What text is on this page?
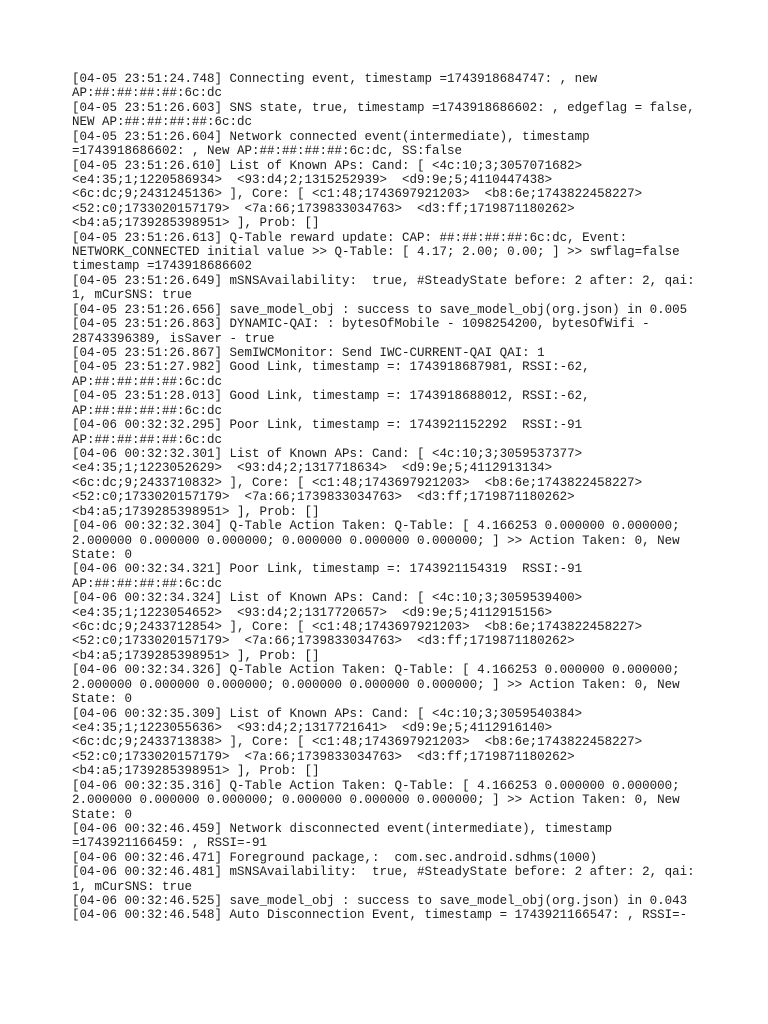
[04-05 23:51:24.748] Connecting event, timestamp =1743918684747: , new
AP:##:##:##:##:6c:dc
[04-05 23:51:26.603] SNS state, true, timestamp =1743918686602: , edgeflag = false,
NEW AP:##:##:##:##:6c:dc
[04-05 23:51:26.604] Network connected event(intermediate), timestamp
=1743918686602: , New AP:##:##:##:##:6c:dc, SS:false
[04-05 23:51:26.610] List of Known APs: Cand: [ <4c:10;3;3057071682>
<e4:35;1;1220586934>  <93:d4;2;1315252939>  <d9:9e;5;4110447438>
<6c:dc;9;2431245136> ], Core: [ <c1:48;1743697921203>  <b8:6e;1743822458227>
<52:c0;1733020157179>  <7a:66;1739833034763>  <d3:ff;1719871180262>
<b4:a5;1739285398951> ], Prob: []
[04-05 23:51:26.613] Q-Table reward update: CAP: ##:##:##:##:6c:dc, Event:
NETWORK_CONNECTED initial value >> Q-Table: [ 4.17; 2.00; 0.00; ] >> swflag=false
timestamp =1743918686602
[04-05 23:51:26.649] mSNSAvailability:  true, #SteadyState before: 2 after: 2, qai:
1, mCurSNS: true
[04-05 23:51:26.656] save_model_obj : success to save_model_obj(org.json) in 0.005
[04-05 23:51:26.863] DYNAMIC-QAI: : bytesOfMobile - 1098254200, bytesOfWifi -
28743396389, isSaver - true
[04-05 23:51:26.867] SemIWCMonitor: Send IWC-CURRENT-QAI QAI: 1
[04-05 23:51:27.982] Good Link, timestamp =: 1743918687981, RSSI:-62,
AP:##:##:##:##:6c:dc
[04-05 23:51:28.013] Good Link, timestamp =: 1743918688012, RSSI:-62,
AP:##:##:##:##:6c:dc
[04-06 00:32:32.295] Poor Link, timestamp =: 1743921152292  RSSI:-91
AP:##:##:##:##:6c:dc
[04-06 00:32:32.301] List of Known APs: Cand: [ <4c:10;3;3059537377>
<e4:35;1;1223052629>  <93:d4;2;1317718634>  <d9:9e;5;4112913134>
<6c:dc;9;2433710832> ], Core: [ <c1:48;1743697921203>  <b8:6e;1743822458227>
<52:c0;1733020157179>  <7a:66;1739833034763>  <d3:ff;1719871180262>
<b4:a5;1739285398951> ], Prob: []
[04-06 00:32:32.304] Q-Table Action Taken: Q-Table: [ 4.166253 0.000000 0.000000;
2.000000 0.000000 0.000000; 0.000000 0.000000 0.000000; ] >> Action Taken: 0, New
State: 0
[04-06 00:32:34.321] Poor Link, timestamp =: 1743921154319  RSSI:-91
AP:##:##:##:##:6c:dc
[04-06 00:32:34.324] List of Known APs: Cand: [ <4c:10;3;3059539400>
<e4:35;1;1223054652>  <93:d4;2;1317720657>  <d9:9e;5;4112915156>
<6c:dc;9;2433712854> ], Core: [ <c1:48;1743697921203>  <b8:6e;1743822458227>
<52:c0;1733020157179>  <7a:66;1739833034763>  <d3:ff;1719871180262>
<b4:a5;1739285398951> ], Prob: []
[04-06 00:32:34.326] Q-Table Action Taken: Q-Table: [ 4.166253 0.000000 0.000000;
2.000000 0.000000 0.000000; 0.000000 0.000000 0.000000; ] >> Action Taken: 0, New
State: 0
[04-06 00:32:35.309] List of Known APs: Cand: [ <4c:10;3;3059540384>
<e4:35;1;1223055636>  <93:d4;2;1317721641>  <d9:9e;5;4112916140>
<6c:dc;9;2433713838> ], Core: [ <c1:48;1743697921203>  <b8:6e;1743822458227>
<52:c0;1733020157179>  <7a:66;1739833034763>  <d3:ff;1719871180262>
<b4:a5;1739285398951> ], Prob: []
[04-06 00:32:35.316] Q-Table Action Taken: Q-Table: [ 4.166253 0.000000 0.000000;
2.000000 0.000000 0.000000; 0.000000 0.000000 0.000000; ] >> Action Taken: 0, New
State: 0
[04-06 00:32:46.459] Network disconnected event(intermediate), timestamp
=1743921166459: , RSSI=-91
[04-06 00:32:46.471] Foreground package,:  com.sec.android.sdhms(1000)
[04-06 00:32:46.481] mSNSAvailability:  true, #SteadyState before: 2 after: 2, qai:
1, mCurSNS: true
[04-06 00:32:46.525] save_model_obj : success to save_model_obj(org.json) in 0.043
[04-06 00:32:46.548] Auto Disconnection Event, timestamp = 1743921166547: , RSSI=-
